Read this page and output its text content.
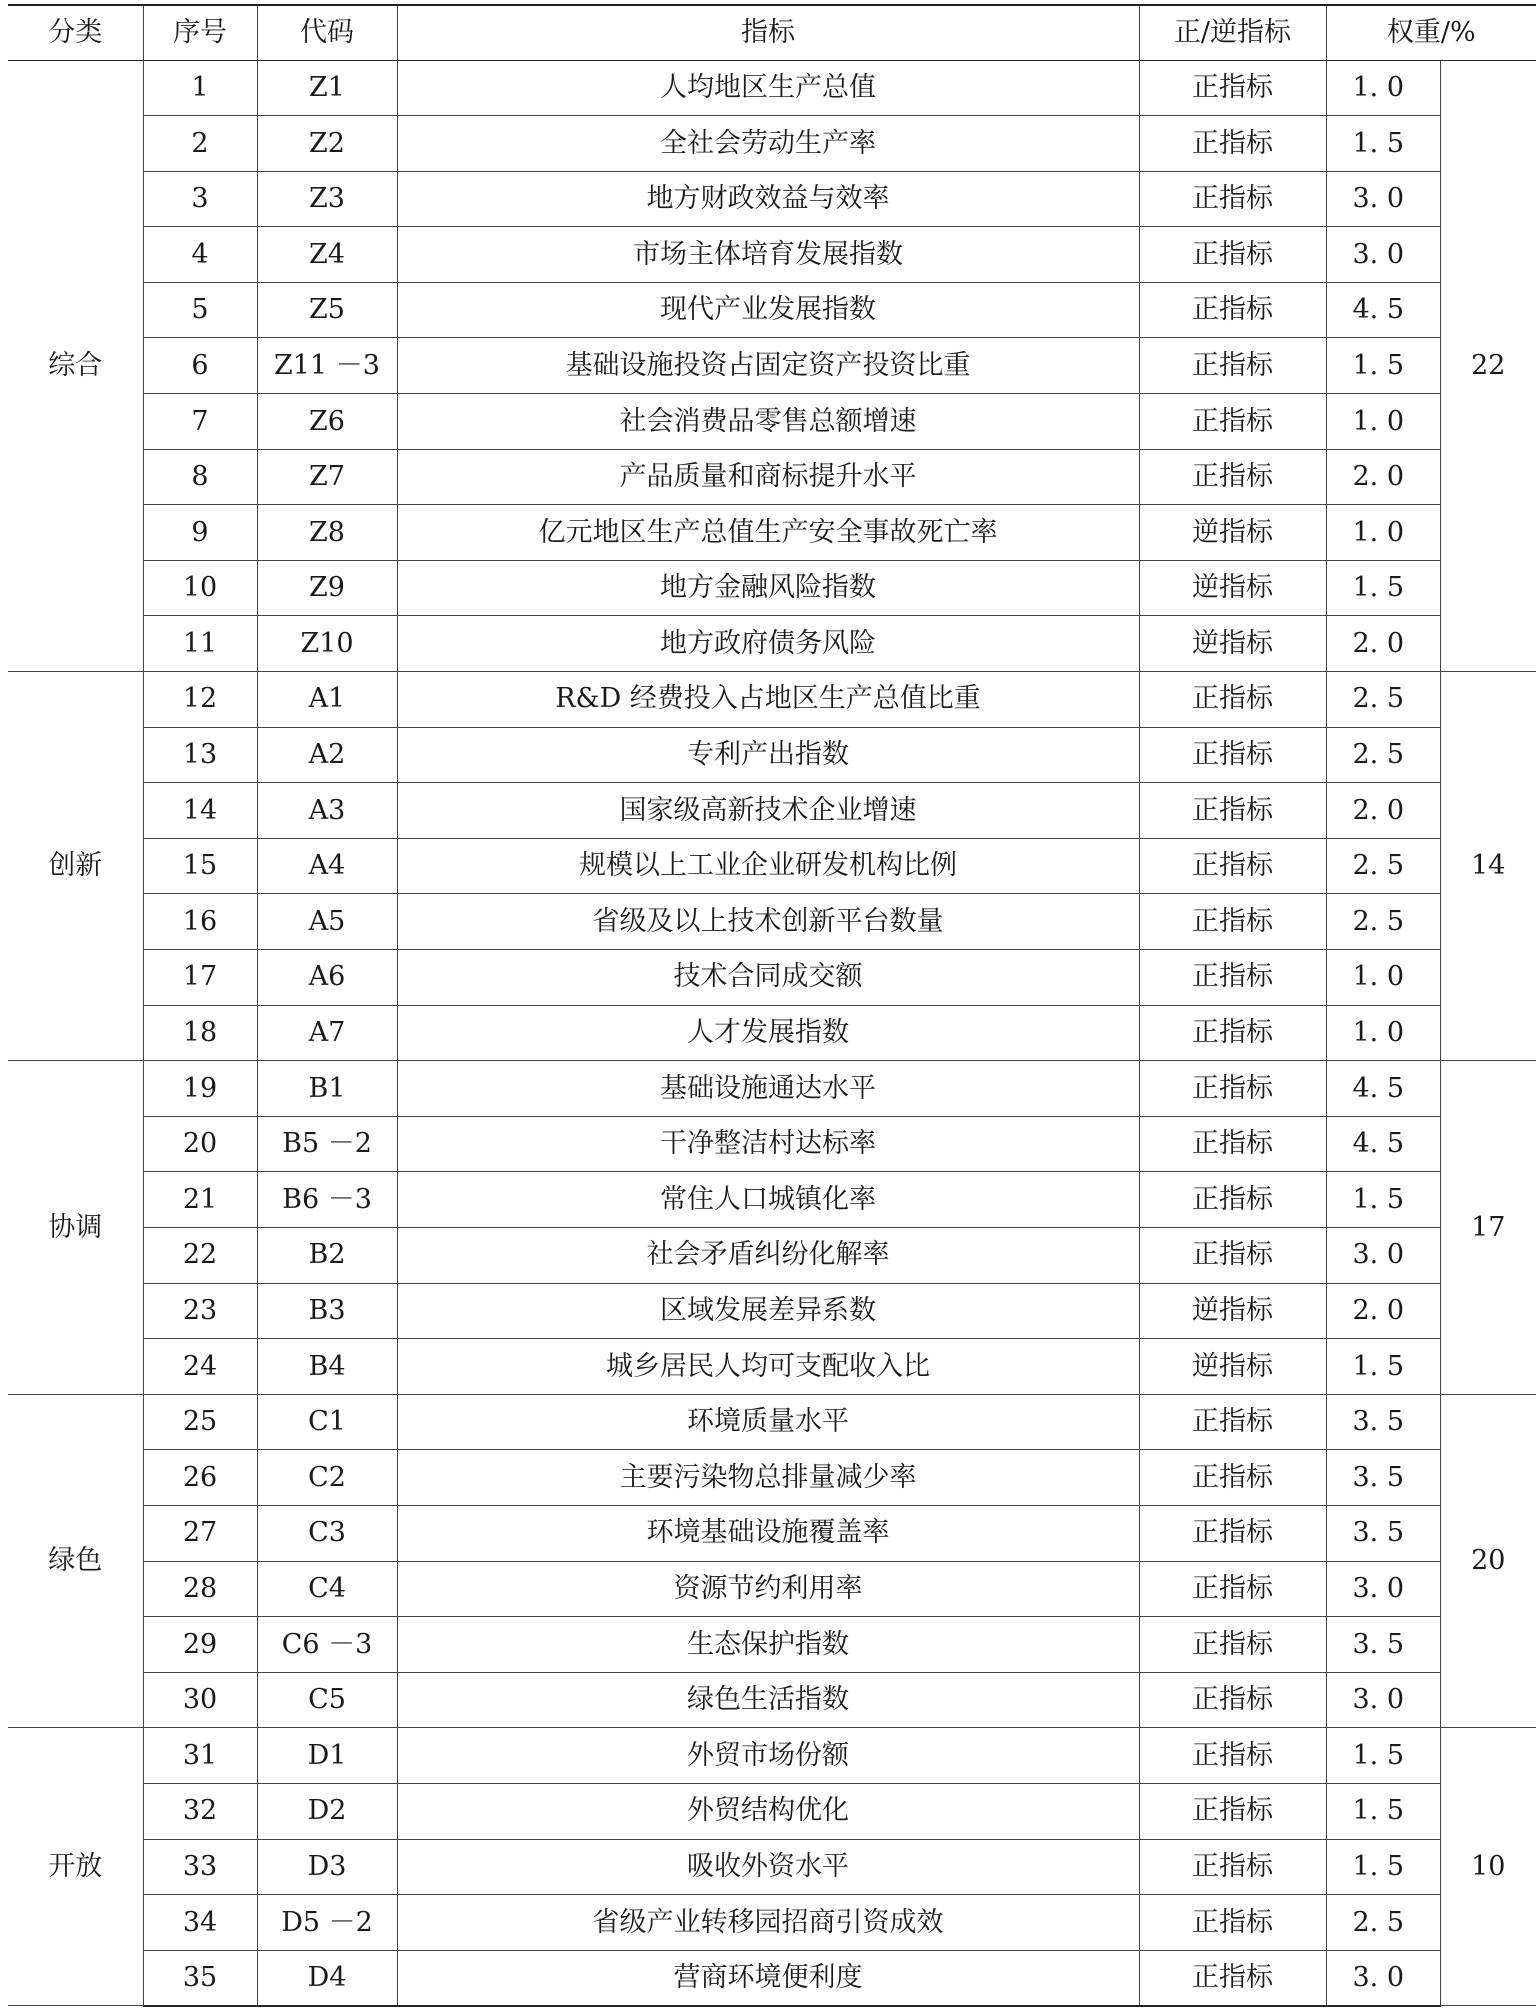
分类	序号	代码	指标	正/逆指标	权重/%	
综合	1	Z1	人均地区生产总值	正指标	1. 0	22
	2	Z2	全社会劳动生产率	正指标	1. 5	
	3	Z3	地方财政效益与效率	正指标	3. 0	
	4	Z4	市场主体培育发展指数	正指标	3. 0	
	5	Z5	现代产业发展指数	正指标	4. 5	
	6	Z11 －3	基础设施投资占固定资产投资比重	正指标	1. 5	
	7	Z6	社会消费品零售总额增速	正指标	1. 0	
	8	Z7	产品质量和商标提升水平	正指标	2. 0	
	9	Z8	亿元地区生产总值生产安全事故死亡率	逆指标	1. 0	
	10	Z9	地方金融风险指数	逆指标	1. 5	
	11	Z10	地方政府债务风险	逆指标	2. 0	
创新	12	A1	R&D 经费投入占地区生产总值比重	正指标	2. 5	14
	13	A2	专利产出指数	正指标	2. 5	
	14	A3	国家级高新技术企业增速	正指标	2. 0	
	15	A4	规模以上工业企业研发机构比例	正指标	2. 5	
	16	A5	省级及以上技术创新平台数量	正指标	2. 5	
	17	A6	技术合同成交额	正指标	1. 0	
	18	A7	人才发展指数	正指标	1. 0	
协调	19	B1	基础设施通达水平	正指标	4. 5	17
	20	B5 －2	干净整洁村达标率	正指标	4. 5	
	21	B6 －3	常住人口城镇化率	正指标	1. 5	
	22	B2	社会矛盾纠纷化解率	正指标	3. 0	
	23	B3	区域发展差异系数	逆指标	2. 0	
	24	B4	城乡居民人均可支配收入比	逆指标	1. 5	
绿色	25	C1	环境质量水平	正指标	3. 5	20
	26	C2	主要污染物总排量减少率	正指标	3. 5	
	27	C3	环境基础设施覆盖率	正指标	3. 5	
	28	C4	资源节约利用率	正指标	3. 0	
	29	C6 －3	生态保护指数	正指标	3. 5	
	30	C5	绿色生活指数	正指标	3. 0	
开放	31	D1	外贸市场份额	正指标	1. 5	10
	32	D2	外贸结构优化	正指标	1. 5	
	33	D3	吸收外资水平	正指标	1. 5	
	34	D5 －2	省级产业转移园招商引资成效	正指标	2. 5	
	35	D4	营商环境便利度	正指标	3. 0	
